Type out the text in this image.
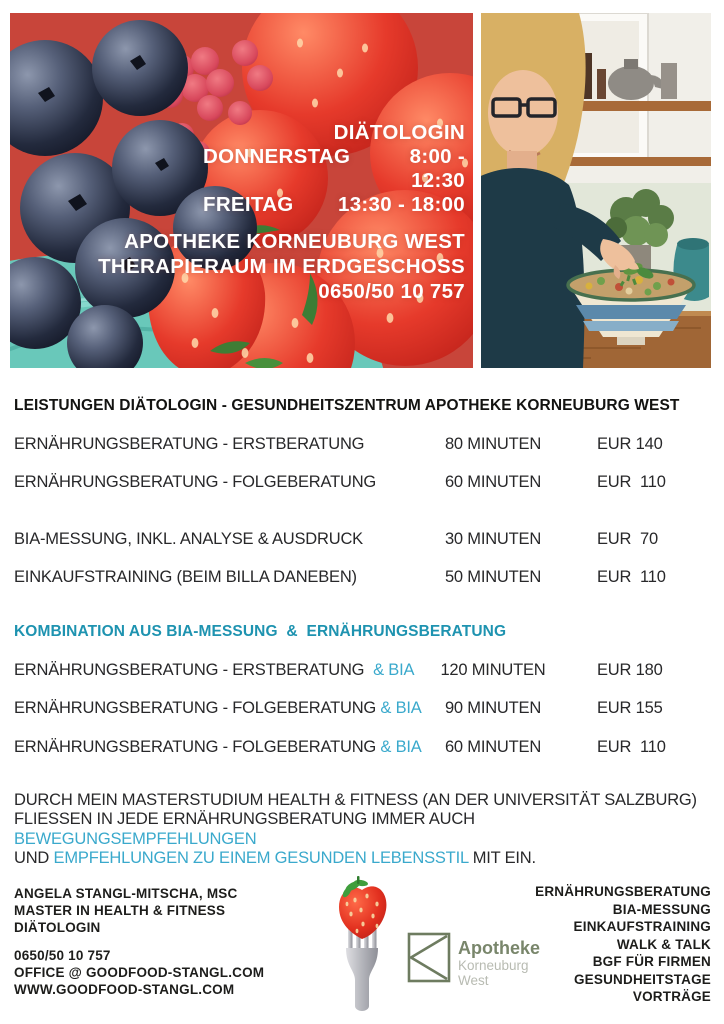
DIÄTOLOGIN
DONNERSTAG	8:00 - 12:30
FREITAG 13:30 - 18:00
APOTHEKE KORNEUBURG WEST
THERAPIERAUM IM ERDGESCHOSS
0650/50 10 757
LEISTUNGEN DIÄTOLOGIN - GESUNDHEITSZENTRUM APOTHEKE KORNEUBURG WEST
ERNÄHRUNGSBERATUNG - ERSTBERATUNG	80 MINUTEN	EUR 140
ERNÄHRUNGSBERATUNG - FOLGEBERATUNG	60 MINUTEN	EUR  110
BIA-MESSUNG, INKL. ANALYSE & AUSDRUCK	30 MINUTEN	EUR  70
EINKAUFSTRAINING (BEIM BILLA DANEBEN)	50 MINUTEN	EUR  110
KOMBINATION AUS BIA-MESSUNG  &  ERNÄHRUNGSBERATUNG
ERNÄHRUNGSBERATUNG - ERSTBERATUNG  & BIA	120 MINUTEN	EUR 180
ERNÄHRUNGSBERATUNG - FOLGEBERATUNG & BIA	90 MINUTEN	EUR 155
ERNÄHRUNGSBERATUNG - FOLGEBERATUNG & BIA	60 MINUTEN	EUR  110
DURCH MEIN MASTERSTUDIUM HEALTH & FITNESS (AN DER UNIVERSITÄT SALZBURG)
FLIESSEN IN JEDE ERNÄHRUNGSBERATUNG IMMER AUCH BEWEGUNGSEMPFEHLUNGEN
UND EMPFEHLUNGEN ZU EINEM GESUNDEN LEBENSSTIL MIT EIN.
ANGELA STANGL-MITSCHA, MSC
MASTER IN HEALTH & FITNESS
DIÄTOLOGIN
0650/50 10 757
OFFICE @ GOODFOOD-STANGL.COM
WWW.GOODFOOD-STANGL.COM
Apotheke
Korneuburg
West
ERNÄHRUNGSBERATUNG
BIA-MESSUNG
EINKAUFSTRAINING
WALK & TALK
BGF FÜR FIRMEN
GESUNDHEITSTAGE
VORTRÄGE
